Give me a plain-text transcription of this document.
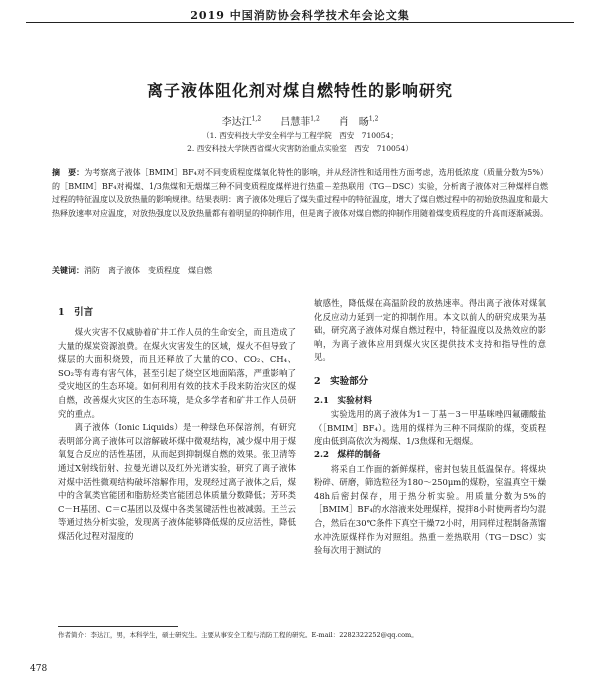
2019 中国消防协会科学技术年会论文集
离子液体阻化剂对煤自燃特性的影响研究
李达江$^{1,2}$ 吕慧菲$^{1,2}$ 肖　旸$^{1,2}$
（1. 西安科技大学安全科学与工程学院　西安　710054；
2. 西安科技大学陕西省煤火灾害防治重点实验室　西安　710054）
摘　要：为考察离子液体［BMIM］BF₄对不同变质程度煤氧化特性的影响，并从经济性和适用性方面考虑，选用低浓度（质量分数为5%）的［BMIM］BF₄对褐煤、1/3焦煤和无烟煤三种不同变质程度煤样进行热重－差热联用（TG－DSC）实验，分析离子液体对三种煤样自燃过程的特征温度以及放热量的影响规律。结果表明：离子液体处理后了煤失重过程中的特征温度，增大了煤自燃过程中的初始放热温度和最大热释放速率对应温度，对放热强度以及放热量都有着明显的抑制作用，但是离子液体对煤自燃的抑制作用随着煤变质程度的升高而逐渐减弱。
关键词：消防　离子液体　变质程度　煤自燃
1　引言

煤火灾害不仅威胁着矿井工作人员的生命安全，而且造成了大量的煤炭资源浪费。在煤火灾害发生的区域，煤火不但导致了煤层的大面积烧毁，而且还释放了大量的CO、CO₂、CH₄、SO₂等有毒有害气体，甚至引起了烧空区地面陷落，严重影响了受灾地区的生态环境。如何利用有效的技术手段来防治灾区的煤自燃，改善煤火灾区的生态环境，是众多学者和矿井工作人员研究的重点。

离子液体（Ionic Liquids）是一种绿色环保溶剂，有研究表明部分离子液体可以溶解破坏煤中微观结构，减少煤中用于煤氧复合反应的活性基团，从而起到抑制煤自燃的效果。张卫清等通过X射线衍射、拉曼光谱以及红外光谱实验，研究了离子液体对煤中活性微观结构破坏溶解作用，发现经过离子液体之后，煤中的含氧类官能团和脂肪烃类官能团总体质量分数降低；芳环类C－H基团、C＝C基团以及煤中各类氢键活性也被减弱。王兰云等通过热分析实验，发现离子液体能够降低煤的反应活性，降低煤活化过程对湿度的

敏感性，降低煤在高温阶段的放热速率。得出离子液体对煤氧化反应动力延到一定的抑制作用。本文以前人的研究成果为基础，研究离子液体对煤自燃过程中，特征温度以及热效应的影响，为离子液体应用到煤火灾区提供技术支持和指导性的意见。
2　实验部分
2.1　实验材料

实验选用的离子液体为1－丁基－3－甲基咪唑四氟硼酸盐（［BMIM］BF₄）。选用的煤样为三种不同煤阶的煤，变质程度由低到高依次为褐煤、1/3焦煤和无烟煤。

2.2　煤样的制备

将采自工作面的新鲜煤样，密封包装且低温保存。将煤块粉碎、研磨，筛选粒径为180～250μm的煤粉，室温真空干燥48h后密封保存，用于热分析实验。用质量分数为5%的［BMIM］BF₄的水溶液来处理煤样，搅拌8小时使两者均匀混合，然后在30℃条件下真空干燥72小时，用同样过程制备蒸馏水冲洗原煤样作为对照组。热重－差热联用（TG－DSC）实验每次用于测试的

作者简介：李达江，男，本科学生，硕士研究生。主要从事安全工程与消防工程的研究。E-mail：2282322252@qq.com。
478
